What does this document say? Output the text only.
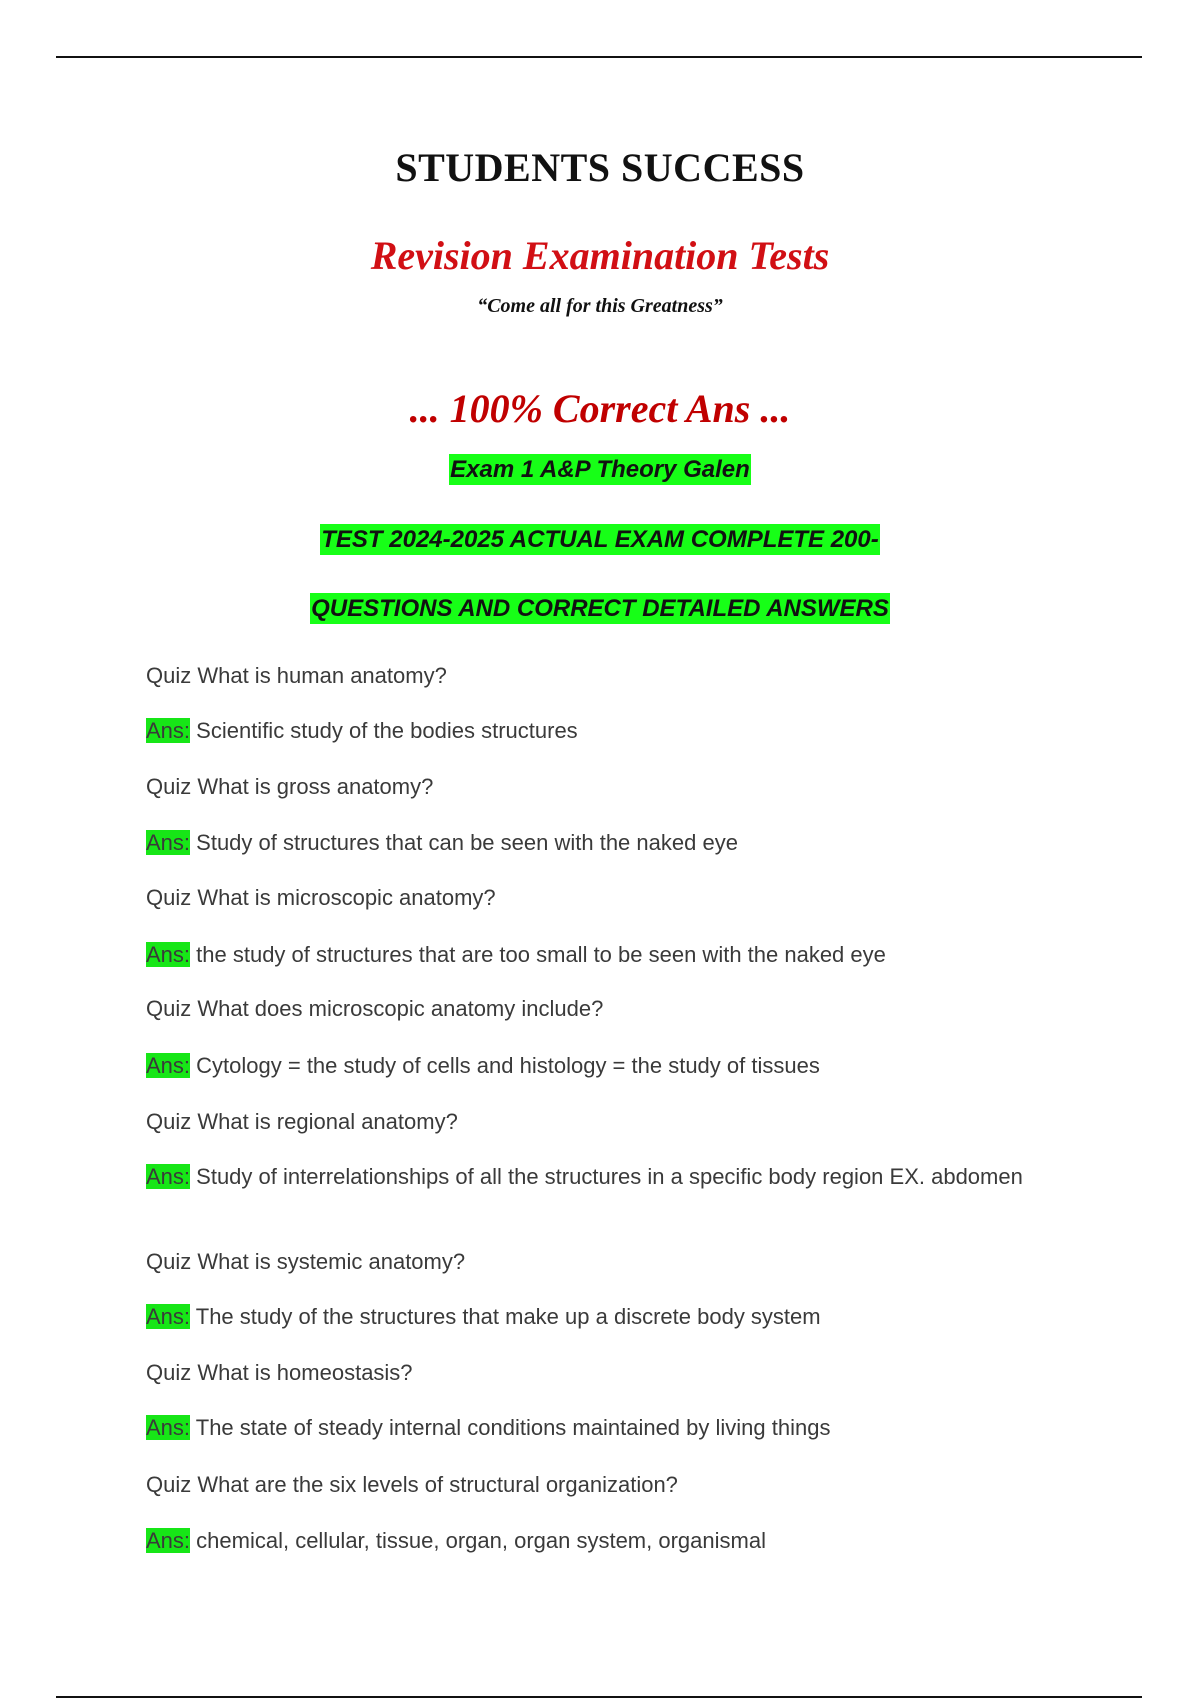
STUDENTS SUCCESS
Revision Examination Tests
“Come all for this Greatness”
... 100% Correct Ans ...
Exam 1 A&P Theory Galen
TEST 2024-2025 ACTUAL EXAM COMPLETE 200-
QUESTIONS AND CORRECT DETAILED ANSWERS
Quiz What is human anatomy?
Ans: Scientific study of the bodies structures
Quiz What is gross anatomy?
Ans: Study of structures that can be seen with the naked eye
Quiz What is microscopic anatomy?
Ans: the study of structures that are too small to be seen with the naked eye
Quiz What does microscopic anatomy include?
Ans: Cytology = the study of cells and histology = the study of tissues
Quiz What is regional anatomy?
Ans: Study of interrelationships of all the structures in a specific body region EX. abdomen
Quiz What is systemic anatomy?
Ans: The study of the structures that make up a discrete body system
Quiz What is homeostasis?
Ans: The state of steady internal conditions maintained by living things
Quiz What are the six levels of structural organization?
Ans: chemical, cellular, tissue, organ, organ system, organismal
